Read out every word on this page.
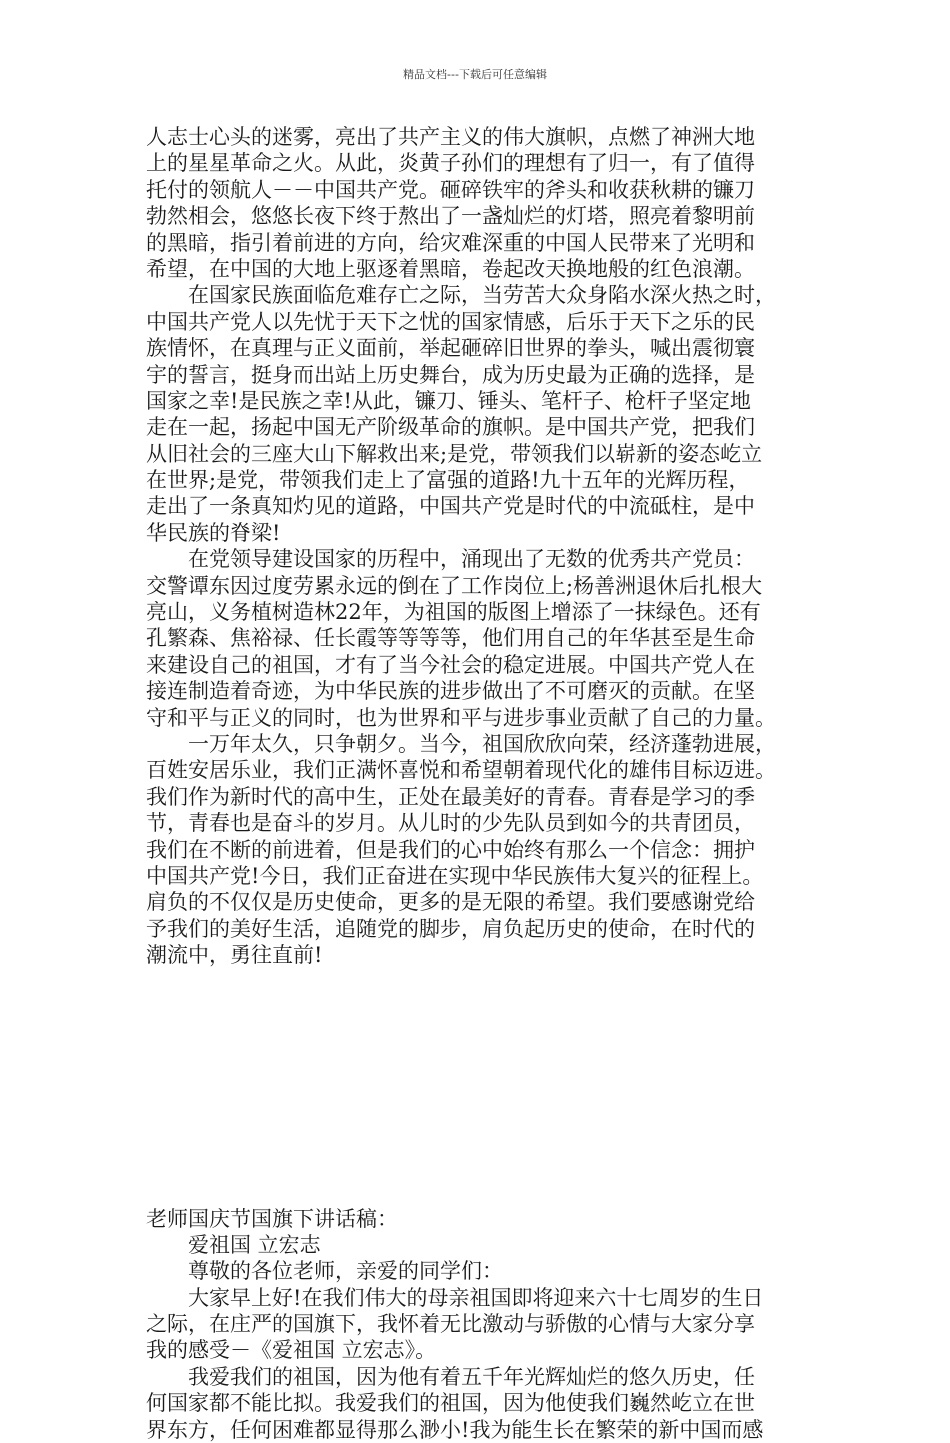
精品文档---下载后可任意编辑
人志士心头的迷雾，亮出了共产主义的伟大旗帜，点燃了神洲大地
上的星星革命之火。从此，炎黄子孙们的理想有了归一，有了值得
托付的领航人－－中国共产党。砸碎铁牢的斧头和收获秋耕的镰刀
勃然相会，悠悠长夜下终于熬出了一盏灿烂的灯塔，照亮着黎明前
的黑暗，指引着前进的方向，给灾难深重的中国人民带来了光明和
希望，在中国的大地上驱逐着黑暗，卷起改天换地般的红色浪潮。
在国家民族面临危难存亡之际，当劳苦大众身陷水深火热之时，
中国共产党人以先忧于天下之忧的国家情感，后乐于天下之乐的民
族情怀，在真理与正义面前，举起砸碎旧世界的拳头，喊出震彻寰
宇的誓言，挺身而出站上历史舞台，成为历史最为正确的选择，是
国家之幸!是民族之幸!从此，镰刀、锤头、笔杆子、枪杆子坚定地
走在一起，扬起中国无产阶级革命的旗帜。是中国共产党，把我们
从旧社会的三座大山下解救出来;是党，带领我们以崭新的姿态屹立
在世界;是党，带领我们走上了富强的道路!九十五年的光辉历程，
走出了一条真知灼见的道路，中国共产党是时代的中流砥柱，是中
华民族的脊梁!
在党领导建设国家的历程中，涌现出了无数的优秀共产党员：
交警谭东因过度劳累永远的倒在了工作岗位上;杨善洲退休后扎根大
亮山，义务植树造林22年，为祖国的版图上增添了一抹绿色。还有
孔繁森、焦裕禄、任长霞等等等等，他们用自己的年华甚至是生命
来建设自己的祖国，才有了当今社会的稳定进展。中国共产党人在
接连制造着奇迹，为中华民族的进步做出了不可磨灭的贡献。在坚
守和平与正义的同时，也为世界和平与进步事业贡献了自己的力量。
一万年太久，只争朝夕。当今，祖国欣欣向荣，经济蓬勃进展，
百姓安居乐业，我们正满怀喜悦和希望朝着现代化的雄伟目标迈进。
我们作为新时代的高中生，正处在最美好的青春。青春是学习的季
节，青春也是奋斗的岁月。从儿时的少先队员到如今的共青团员，
我们在不断的前进着，但是我们的心中始终有那么一个信念：拥护
中国共产党!今日，我们正奋进在实现中华民族伟大复兴的征程上。
肩负的不仅仅是历史使命，更多的是无限的希望。我们要感谢党给
予我们的美好生活，追随党的脚步，肩负起历史的使命，在时代的
潮流中，勇往直前!
老师国庆节国旗下讲话稿：
爱祖国 立宏志
尊敬的各位老师，亲爱的同学们：
大家早上好!在我们伟大的母亲祖国即将迎来六十七周岁的生日
之际，在庄严的国旗下，我怀着无比激动与骄傲的心情与大家分享
我的感受－《爱祖国 立宏志》。
我爱我们的祖国，因为他有着五千年光辉灿烂的悠久历史，任
何国家都不能比拟。我爱我们的祖国，因为他使我们巍然屹立在世
界东方，任何困难都显得那么渺小!我为能生长在繁荣的新中国而感
